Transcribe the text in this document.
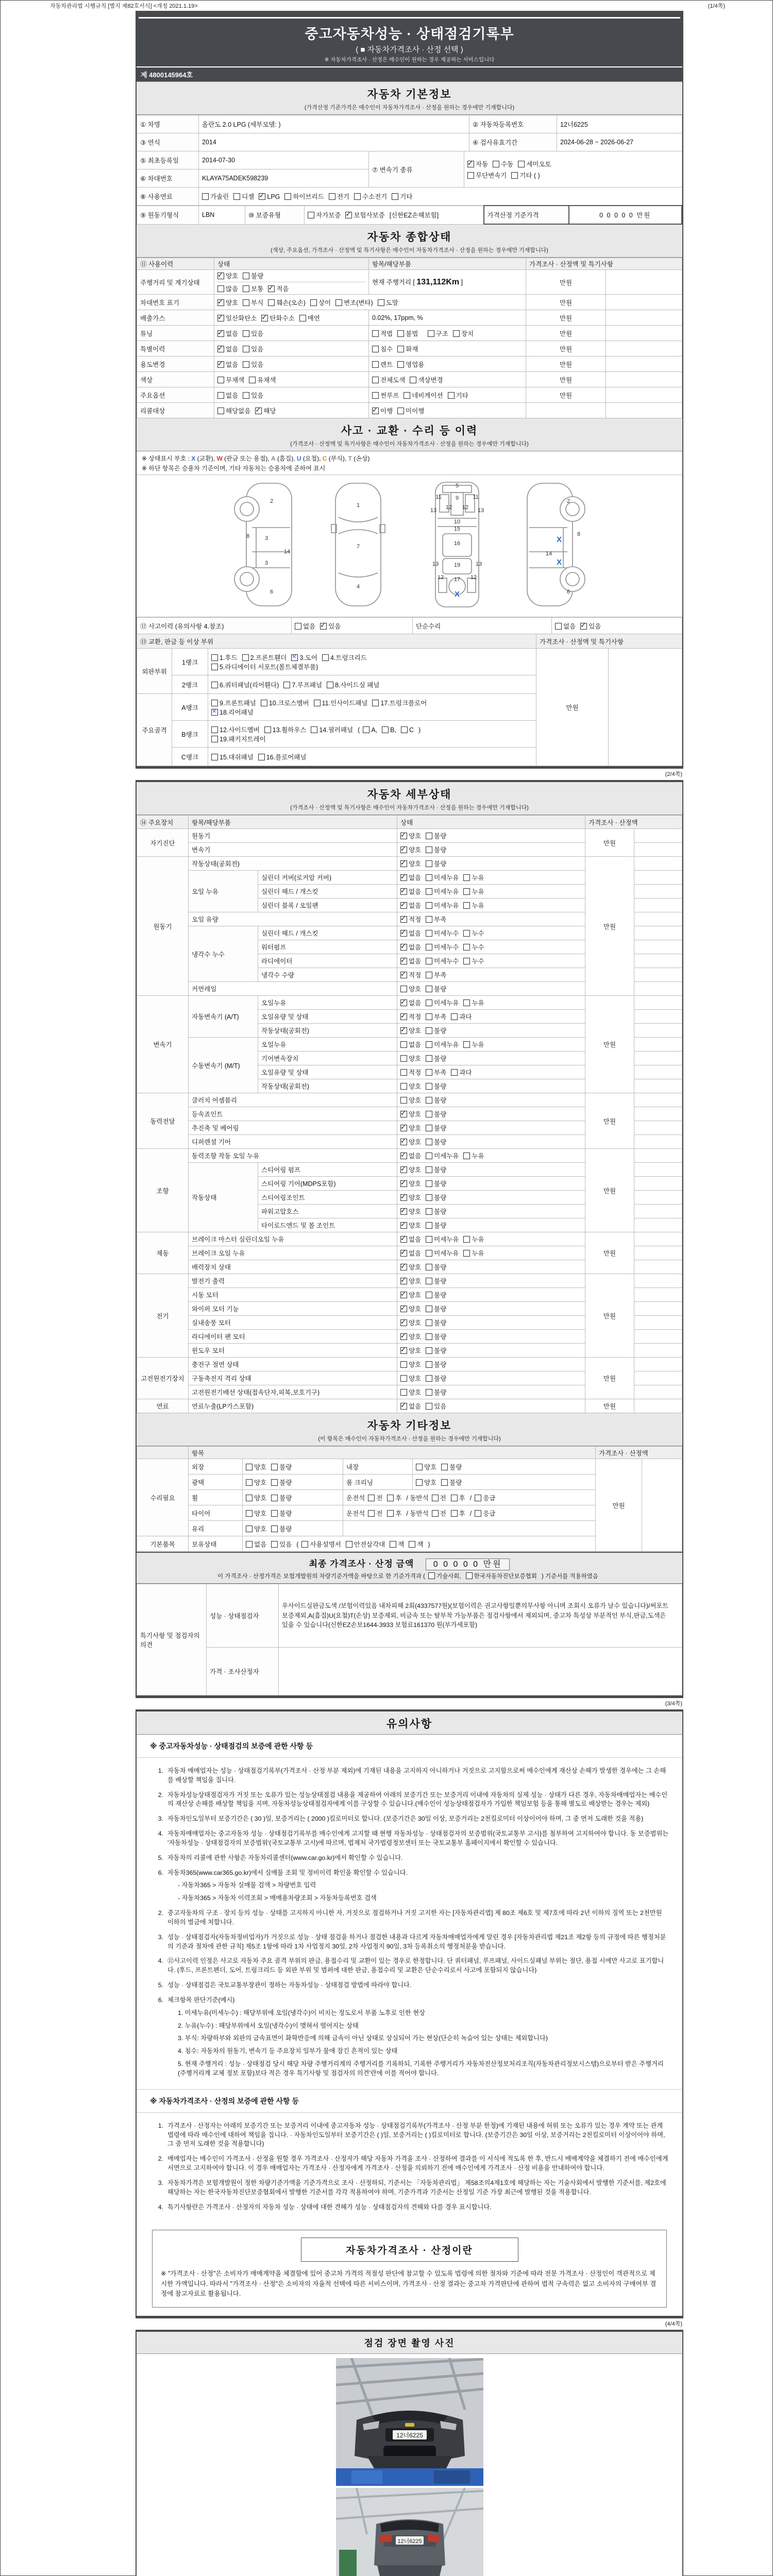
자동차관리법 시행규칙 [별지 제82호서식] <개정 2021.1.19>	(1/4쪽)
중고자동차성능 · 상태점검기록부
( ■ 자동차가격조사 · 산정 선택 )
※ 자동차가격조사 · 산정은 매수인이 원하는 경우 제공하는 서비스입니다
제 4800145964호
자동차 기본정보
(가격산정 기준가격은 매수인이 자동차가격조사 · 산정을 원하는 경우에만 기재합니다)
① 차명	올란도 2.0 LPG (세부모델: )	② 자동차등록번호	12너6225
③ 연식	2014	④ 검사유효기간	2024-06-28 ~ 2026-06-27
⑤ 최초등록일	2014-07-30	⑦ 변속기 종류	
✓자동 수동 세미오토
무단변속기 기타 ( )

⑥ 차대번호	KLAYA75ADEK598239		
⑧ 사용연료	가솔린 디젤 ✓ LPG 하이브리드 전기 수소전기 기타
⑨ 원동기형식	LBN	⑩ 보증유형	자가보증 ✓ 보험사보증 [신한EZ손해보험]	가격산정 기준가격	0 0 0 0 0 만원
자동차 종합상태
(색상, 주요옵션, 가격조사 · 산정액 및 특기사항은 매수인이 자동차가격조사 · 산정을 원하는 경우에만 기재합니다)
⑪ 사용이력	상태	항목/해당부품	가격조사 · 산정액 및 특기사항	
주행거리 및 계기상태	✓양호 불량
많음 보통 ✓ 적음	현재 주행거리 [ 131,112Km ]	만원	
차대번호 표기	✓양호 부식 훼손(오손) 상이 변조(변타) 도말		만원	
배출가스	✓일산화탄소 ✓ 탄화수소 매연	0.02%, 17ppm, %	만원	
튜닝	✓없음 있음	적법 불법 구조 장치	만원	
특별이력	✓없음 있음	침수 화재	만원	
용도변경	✓없음 있음	렌트 영업용	만원	
색상	무채색 유채색	전체도색 색상변경	만원	
주요옵션	없음 있음	썬루프 네비게이션 기타	만원	
리콜대상	해당없음 ✓ 해당	✓이행 미이행		
사고 · 교환 · 수리 등 이력
(가격조사 · 산정액 및 특기사항은 매수인이 자동차가격조사 · 산정을 원하는 경우에만 기재합니다)
※ 상태표시 부호 : X (교환), W (판금 또는 용접), A (흠집), U (요철), C (부식), T (손상)
※ 하단 항목은 승용차 기준이며, 기타 자동차는 승용차에 준하여 표시
2
8	3
3
14
6
1
7
4
5
11	11
13	13
12 12
9
10
15
16
19
13	13
12	12
17
2
8
14
6
X
X
X
⑫ 사고이력 (유의사항 4.참조)	없음 ✓ 있음	단순수리	없음 ✓ 있음
⑬ 교환, 판금 등 이상 부위			가격조사 · 산정액 및 특기사항	
외판부위	1랭크	1.후드 2.프론트휀더 ✕ 3.도어 4.트렁크리드
5.라디에이터 서포트(볼트체결부품)	만원	
	2랭크	6.쿼터패널(리어휀다) 7.루프패널 8.사이드실 패널		

주요골격	A랭크	9.프론트패널 10.크로스멤버 11.인사이드패널 17.트렁크플로어
✕18.리어패널

	B랭크	12.사이드멤버 13.휠하우스 14.필러패널 ( A, B, C )
19.패키지트레이		

	C랭크	15.대쉬패널 16.플로어패널		
(2/4쪽)
자동차 세부상태
(가격조사 · 산정액 및 특기사항은 매수인이 자동차가격조사 · 산정을 원하는 경우에만 기재합니다)
⑭ 주요장치	항목/해당부품		상태	가격조사 · 산정액	
자기진단	원동기	✓양호 불량	만원	
	변속기	✓양호 불량	
원동기	작동상태(공회전)	✓양호 불량	만원	
	오일 누유	실린더 커버(로커암 커버)	✓없음 미세누유 누유	
		실린더 헤드 / 개스킷	✓없음 미세누유 누유	
		실린더 블록 / 오일팬	✓없음 미세누유 누유	
	오일 유량	✓적정 부족	
	냉각수 누수	실린더 헤드 / 개스킷	✓없음 미세누수 누수	
		워터펌프	✓없음 미세누수 누수	
		라디에이터	✓없음 미세누수 누수	
		냉각수 수량	✓적정 부족	
	커먼레일		양호 불량		
변속기	자동변속기 (A/T)	오일누유	✓없음 미세누유 누유	만원	
		오일유량 및 상태	✓적정 부족 과다	
		작동상태(공회전)	✓양호 불량	
	수동변속기 (M/T)	오일누유	없음 미세누유 누유		
		기어변속장치	양호 불량		
		오일유량 및 상태	적정 부족 과다		
		작동상태(공회전)	양호 불량		
동력전달	클러치 어셈블리		양호 불량	만원	
	등속죠인트	✓양호 불량	
	추진축 및 베어링	✓양호 불량	
	디퍼렌셜 기어	✓양호 불량	
조향	동력조향 작동 오일 누유	✓없음 미세누유 누유	만원	
	작동상태	스티어링 펌프	✓양호 불량	
		스티어링 기어(MDPS포함)	✓양호 불량	
		스티어링조인트	✓양호 불량	
		파워고압호스	✓양호 불량	
		타이로드엔드 및 볼 조인트	✓양호 불량	
제동	브레이크 마스터 실린더오일 누유	✓없음 미세누유 누유	만원	
	브레이크 오일 누유	✓없음 미세누유 누유	
	배력장치 상태	✓양호 불량	
전기	발전기 출력	✓양호 불량	만원	
	시동 모터	✓양호 불량	
	와이퍼 모터 기능	✓양호 불량	
	실내송풍 모터	✓양호 불량	
	라디에이터 팬 모터	✓양호 불량	
	윈도우 모터	✓양호 불량	
고전원전기장치	충전구 절연 상태		양호 불량	만원	
	구동축전지 격리 상태		양호 불량		
	고전원전기배선 상태(접속단자,피복,보호기구)		양호 불량		
연료	연료누출(LP가스포함)	✓없음 있음	만원	
자동차 기타정보
(이 항목은 매수인이 자동차가격조사 · 산정을 원하는 경우에만 기재합니다)
	항목				가격조사 · 산정액	
수리필요	외장	양호 불량	내장	양호 불량	만원	
	광택	양호 불량	룸 크리닝	양호 불량		
	휠	양호 불량	운전석 전 후 / 동반석 전 후 / 응급			
	타이어	양호 불량	운전석 전 후 / 동반석 전 후 / 응급			
	유리	양호 불량				
기본품목	보유상태	없음 있음 ( 사용설명서 안전삼각대 잭 잭 )				
최종 가격조사 · 산정 금액 0 0 0 0 0 만원
이 가격조사 · 산정가격은 보험개발원의 차량기준가액을 바탕으로 한 기준가격과 ( 기술사회, 한국자동차진단보증협회 ) 기준서를 적용하였음
특기사항 및 점검자의 의견	성능 · 상태점검자	우사이드실판금도색 /보험이력있음 내차피해 2회(4337577원)(보험이력은 권고사항일뿐의무사항 아니며 조회시 오류가 날수 있습니다)/써포트 보증제외,A(흠집)U(요철)T(손상) 보증제외, 비금속 또는 탈부착 가능부품은 점검사항에서 제외되며, 중고차 특성상 부분적인 부식,판금,도색은 있을 수 있습니다(신한EZ손보1644-3933 보험료161370 원(부가세포함)
	가격 · 조사산정자	
(3/4쪽)
유의사항
※ 중고자동차성능 · 상태점검의 보증에 관한 사항 등
1. 자동차 매매업자는 성능 · 상태점검기록부(가격조사 · 산정 부분 제외)에 기재된 내용을 고지하지 아니하거나 거짓으로 고지함으로써 매수인에게 재산상 손해가 발생한 경우에는 그 손해를 배상할 책임을 집니다.
2. 자동차성능상태점검자가 거짓 또는 오류가 있는 성능상태점검 내용을 제공하여 아래의 보증기간 또는 보증거리 이내에 자동차의 실제 성능 · 상태가 다른 경우, 자동차매매업자는 매수인의 재산상 손해를 배상할 책임을 지며, 자동차성능상태점검자에게 이를 구상할 수 있습니다.(매수인이 성능상태점검자가 가입한 책임보험 등을 통해 별도로 배상받는 경우는 제외)
3. 자동차인도일부터 보증기간은 ( 30 )일, 보증거리는 ( 2000 )킬로미터로 합니다. (보증기간은 30일 이상, 보증거리는 2천킬로미터 이상이어야 하며, 그 중 먼저 도래한 것을 적용)
4. 자동차매매업자는 중고자동차 성능 · 상태점검기록부를 매수인에게 고지할 때 현행 자동차성능 · 상태점검자의 보증범위(국토교통부 고시)를 첨부하여 고지하여야 합니다. 동 보증범위는 '자동차성능 · 상태점검자의 보증범위'(국토교통부 고시)에 따르며, 법제처 국가법령정보센터 또는 국토교통부 홈페이지에서 확인할 수 있습니다.
5. 자동차의 리콜에 관한 사항은 자동차리콜센터(www.car.go.kr)에서 확인할 수 있습니다.
6. 자동차365(www.car365.go.kr)에서 실매물 조회 및 정비이력 확인을 확인할 수 있습니다.
- 자동차365 > 자동차 실매물 검색 > 차량번호 입력
- 자동차365 > 자동차 이력조회 > 매매용차량조회 > 자동차등록번호 검색
2. 중고자동차의 구조 · 장치 등의 성능 · 상태를 고지하지 아니한 자, 거짓으로 점검하거나 거짓 고지한 자는 [자동차관리법] 제 80조 제6호 및 제7호에 따라 2년 이하의 징역 또는 2천만원 이하의 벌금에 처합니다.
3. 성능 · 상태점검자(자동차정비업자)가 거짓으로 성능 · 상태 점검을 하거나 점검한 내용과 다르게 자동차매매업자에게 알린 경우 [자동차관리법 제21조 제2항 등의 규정에 따른 행정처분의 기준과 절차에 관한 규칙] 제5조 1항에 따라 1차 사업정지 30일, 2차 사업정지 90일, 3차 등록취소의 행정처분을 받습니다.
4. ⑫사고이력 인정은 사고로 자동차 주요 골격 부위의 판금, 용접수리 및 교환이 있는 경우로 한정합니다. 단 쿼터패널, 루프패널, 사이드실패널 부위는 절단, 용접 시에만 사고로 표기합니다. (후드, 프론트펜더, 도어, 트렁크리드 등 외판 부위 및 범퍼에 대한 판금, 용접수리 및 교환은 단순수리로서 사고에 포함되지 않습니다)
5. 성능 · 상태점검은 국토교통부장관이 정하는 자동차성능 · 상태점검 방법에 따라야 합니다.
6. 체크항목 판단기준(예시)
1. 미세누유(미세누수) : 해당부위에 오일(냉각수)이 비치는 정도로서 부품 노후로 인한 현상
2. 누유(누수) : 해당부위에서 오일(냉각수)이 맺혀서 떨어지는 상태
3. 부식: 차량하부와 외판의 금속표면이 화학반응에 의해 금속이 아닌 상태로 상실되어 가는 현상(단순히 녹슬어 있는 상태는 제외합니다)
4. 침수: 자동차의 원동기, 변속기 등 주요장치 일부가 물에 잠긴 흔적이 있는 상태
5. 현재 주행거리 : 성능 · 상태점검 당시 해당 차량 주행거리계의 주행거리를 기록하되, 기록한 주행거리가 자동차전산정보처리조직(자동차관리정보시스템)으로부터 받은 주행거리(주행거리계 교체 정보 포함)보다 적은 경우 특기사항 및 점검자의 의견'란에 이를 적어야 합니다.
※ 자동차가격조사 · 산정의 보증에 관한 사항 등
1. 가격조사 · 산정자는 아래의 보증기간 또는 보증거리 이내에 중고자동차 성능 · 상태점검기록부(가격조사 · 산정 부분 한정)에 기재된 내용에 허위 또는 오류가 있는 경우 계약 또는 관계법령에 따라 매수인에 대하여 책임을 집니다. · 자동차인도일부터 보증기간은 ( )일, 보증거리는 ( )킬로미터로 합니다. (보증기간은 30일 이상, 보증거리는 2천킬로미터 이상이어야 하며, 그 중 먼저 도래한 것을 적용합니다)
2. 매매업자는 매수인이 가격조사 · 산정을 원할 경우 가격조사 · 산정자가 해당 자동차 가격을 조사 · 산정하여 결과를 이 서식에 적도록 한 후, 반드시 매매계약을 체결하기 전에 매수인에게 서면으로 고지하여야 합니다. 이 경우 매매업자는 가격조사 · 산정자에게 가격조사 · 산정을 의뢰하기 전에 매수인에게 가격조사 · 산정 비용을 안내하여야 합니다.
3. 자동차가격은 보험개발원이 정한 차량기준가액을 기준가격으로 조사 · 산정하되, 기준서는 「자동차관리법」 제58조의4제1호에 해당하는 자는 기술사회에서 발행한 기준서를, 제2호에 해당하는 자는 한국자동차진단보증협회에서 발행한 기준서를 각각 적용하여야 하며, 기준가격과 기준서는 산정일 기준 가장 최근에 발행된 것을 적용합니다.
4. 특기사항란은 가격조사 · 산정자의 자동차 성능 · 상태에 대한 견해가 성능 · 상태점검자의 견해와 다를 경우 표시합니다.
자동차가격조사 · 산정이란
※ "가격조사 · 산정"은 소비자가 매매계약을 체결함에 있어 중고차 가격의 적절성 판단에 참고할 수 있도록 법령에 의한 절차와 기준에 따라 전문 가격조사 · 산정인이 객관적으로 제시한 가액입니다. 따라서 "가격조사 · 산정"은 소비자의 자율적 선택에 따른 서비스이며, 가격조사 · 산정 결과는 중고차 가격판단에 관하여 법적 구속력은 없고 소비자의 구매여부 결정에 참고자료로 활용됩니다.
(4/4쪽)
점검 장면 촬영 사진
12너6225
12너6225
